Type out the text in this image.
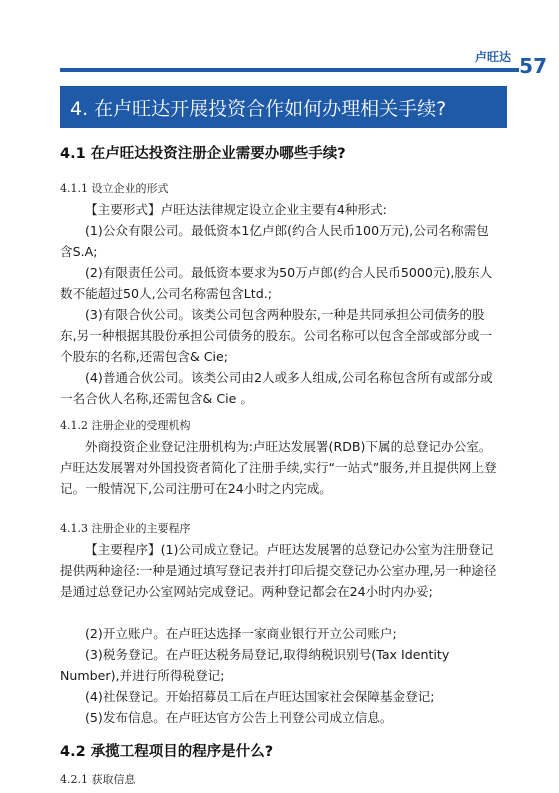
卢旺达 57
4. 在卢旺达开展投资合作如何办理相关手续?
4.1 在卢旺达投资注册企业需要办哪些手续?
4.1.1 设立企业的形式

【主要形式】卢旺达法律规定设立企业主要有4种形式:

(1)公众有限公司。最低资本1亿卢郎(约合人民币100万元),公司名称需包含S.A;

(2)有限责任公司。最低资本要求为50万卢郎(约合人民币5000元),股东人数不能超过50人,公司名称需包含Ltd.;

(3)有限合伙公司。该类公司包含两种股东,一种是共同承担公司债务的股东,另一种根据其股份承担公司债务的股东。公司名称可以包含全部或部分或一个股东的名称,还需包含& Cie;

(4)普通合伙公司。该类公司由2人或多人组成,公司名称包含所有或部分或一名合伙人名称,还需包含& Cie 。

4.1.2 注册企业的受理机构

外商投资企业登记注册机构为:卢旺达发展署(RDB)下属的总登记办公室。卢旺达发展署对外国投资者简化了注册手续,实行“一站式”服务,并且提供网上登记。一般情况下,公司注册可在24小时之内完成。

4.1.3 注册企业的主要程序

【主要程序】(1)公司成立登记。卢旺达发展署的总登记办公室为注册登记提供两种途径:一种是通过填写登记表并打印后提交登记办公室办理,另一种途径是通过总登记办公室网站完成登记。两种登记都会在24小时内办妥;

(2)开立账户。在卢旺达选择一家商业银行开立公司账户;

(3)税务登记。在卢旺达税务局登记,取得纳税识别号(Tax Identity Number),并进行所得税登记;

(4)社保登记。开始招募员工后在卢旺达国家社会保障基金登记;

(5)发布信息。在卢旺达官方公告上刊登公司成立信息。

4.2 承揽工程项目的程序是什么?
4.2.1 获取信息
